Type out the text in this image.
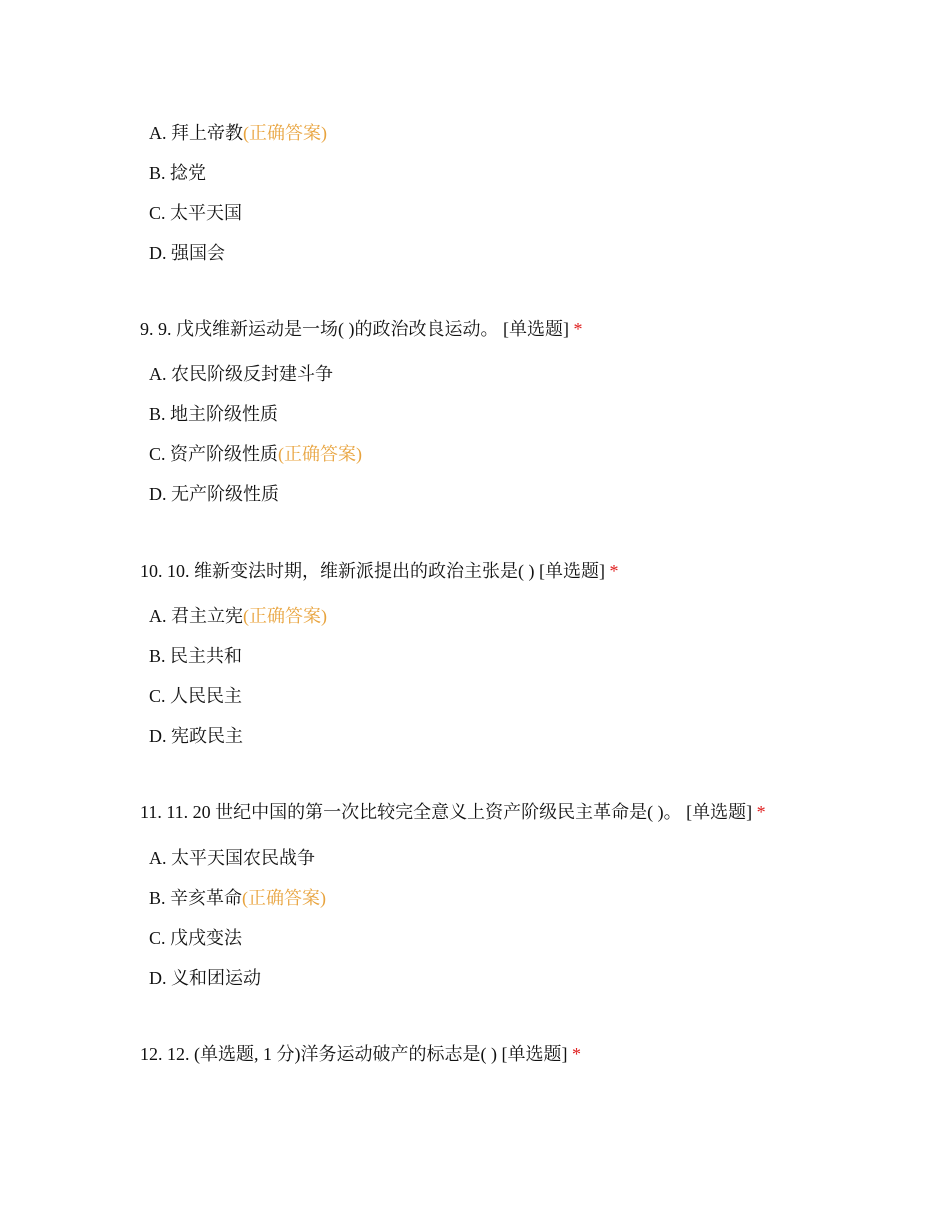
A. 拜上帝教(正确答案)
B. 捻党
C. 太平天国
D. 强国会
9. 9. 戊戌维新运动是一场( )的政治改良运动。 [单选题] *
A. 农民阶级反封建斗争
B. 地主阶级性质
C. 资产阶级性质(正确答案)
D. 无产阶级性质
10. 10. 维新变法时期，维新派提出的政治主张是( ) [单选题] *
A. 君主立宪(正确答案)
B. 民主共和
C. 人民民主
D. 宪政民主
11. 11. 20 世纪中国的第一次比较完全意义上资产阶级民主革命是( )。 [单选题] *
A. 太平天国农民战争
B. 辛亥革命(正确答案)
C. 戊戌变法
D. 义和团运动
12. 12. (单选题, 1 分)洋务运动破产的标志是( ) [单选题] *
